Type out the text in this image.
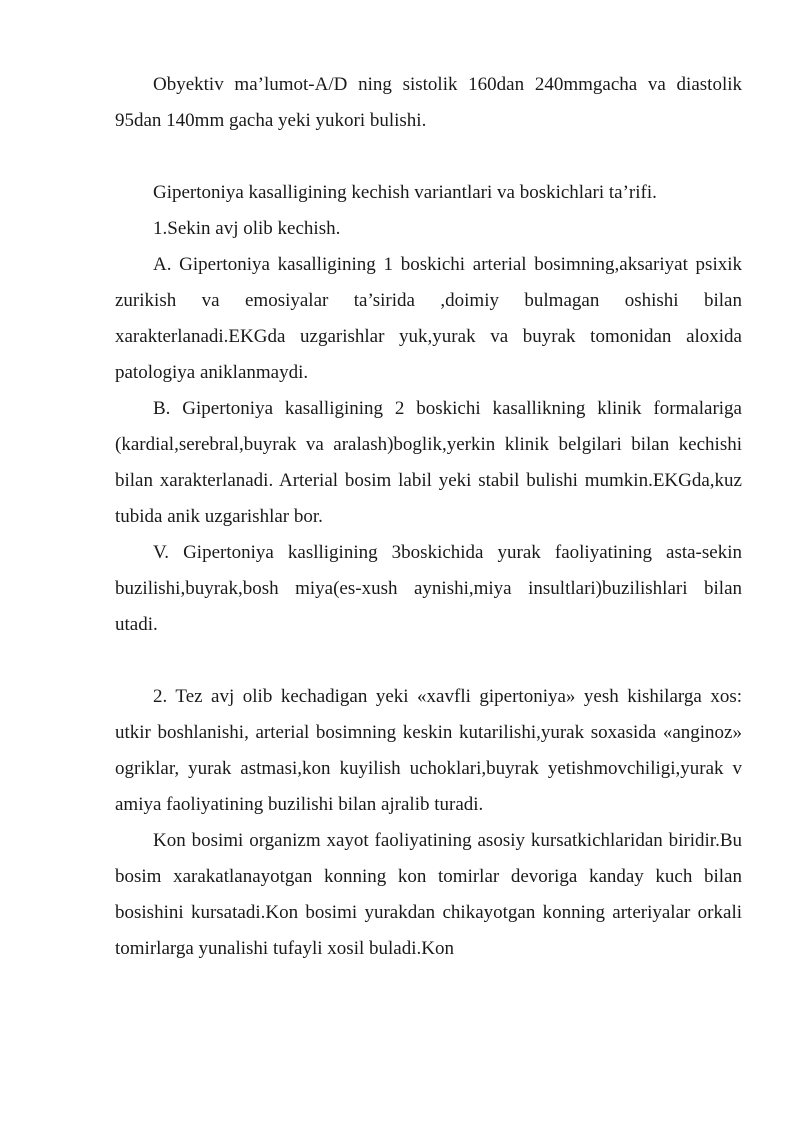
Obyektiv ma’lumot-A/D ning sistolik 160dan 240mmgacha va diastolik 95dan 140mm gacha yeki yukori bulishi.

Gipertoniya kasalligining kechish variantlari va boskichlari ta’rifi.

1.Sekin avj olib kechish.

A. Gipertoniya kasalligining 1 boskichi arterial bosimning,aksariyat psixik zurikish va emosiyalar ta’sirida ,doimiy bulmagan oshishi bilan xarakterlanadi.EKGda uzgarishlar yuk,yurak va buyrak tomonidan aloxida patologiya aniklanmaydi.

B. Gipertoniya kasalligining 2 boskichi kasallikning klinik formalariga (kardial,serebral,buyrak va aralash)boglik,yerkin klinik belgilari bilan kechishi bilan xarakterlanadi. Arterial bosim labil yeki stabil bulishi mumkin.EKGda,kuz tubida anik uzgarishlar bor.

V. Gipertoniya kaslligining 3boskichida yurak faoliyatining asta-sekin buzilishi,buyrak,bosh miya(es-xush aynishi,miya insultlari)buzilishlari bilan utadi.

2. Tez avj olib kechadigan yeki «xavfli gipertoniya» yesh kishilarga xos: utkir boshlanishi, arterial bosimning keskin kutarilishi,yurak soxasida «anginoz» ogriklar, yurak astmasi,kon kuyilish uchoklari,buyrak yetishmovchiligi,yurak v amiya faoliyatining buzilishi bilan ajralib turadi.

Kon bosimi organizm xayot faoliyatining asosiy kursatkichlaridan biridir.Bu bosim xarakatlanayotgan konning kon tomirlar devoriga kanday kuch bilan bosishini kursatadi.Kon bosimi yurakdan chikayotgan konning arteriyalar orkali tomirlarga yunalishi tufayli xosil buladi.Kon
